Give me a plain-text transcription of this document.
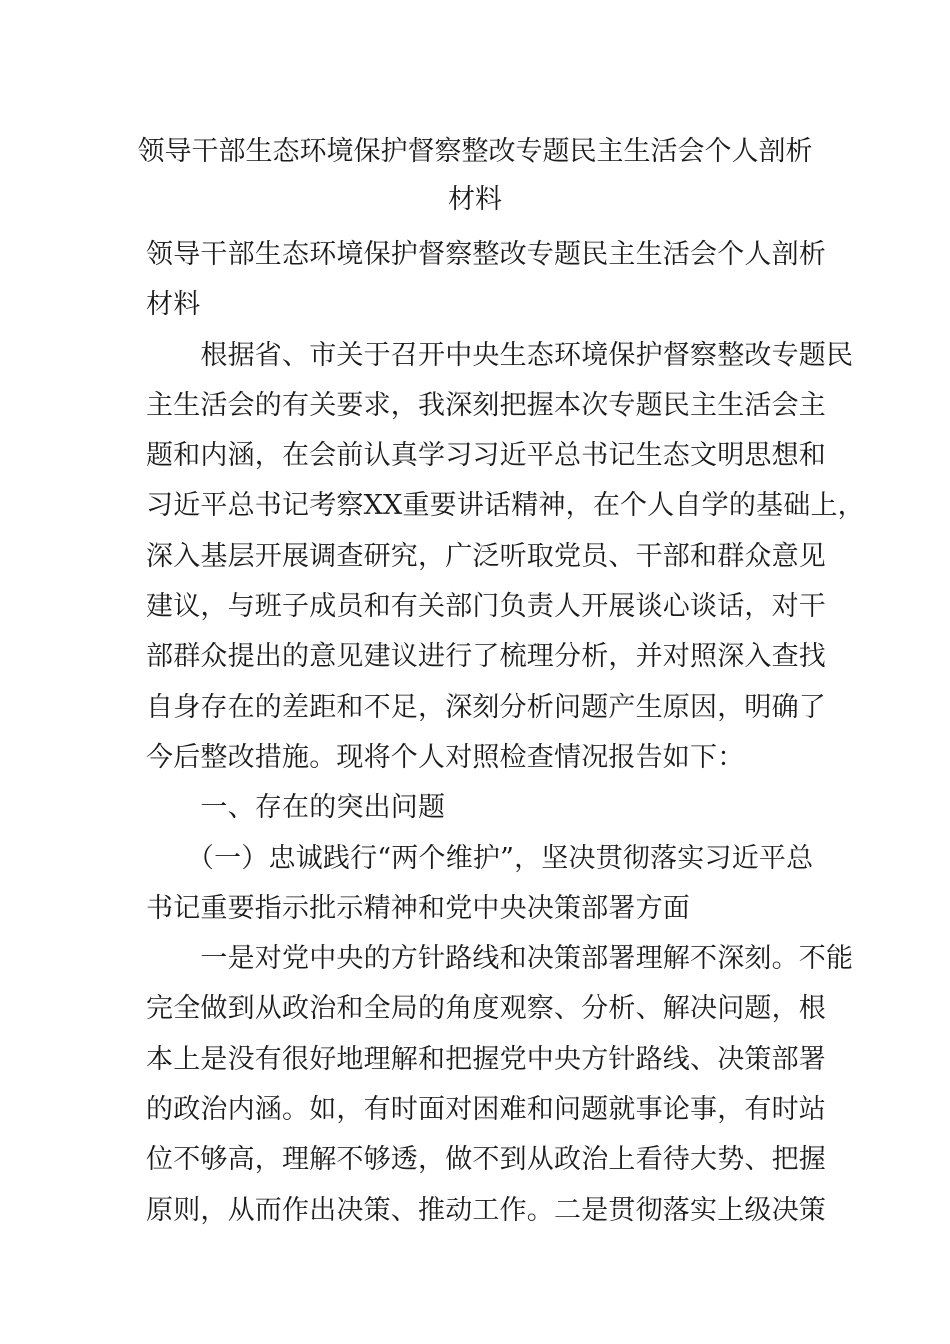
领导干部生态环境保护督察整改专题民主生活会个人剖析
材料
领导干部生态环境保护督察整改专题民主生活会个人剖析
材料
　　根据省、市关于召开中央生态环境保护督察整改专题民
主生活会的有关要求，我深刻把握本次专题民主生活会主
题和内涵，在会前认真学习习近平总书记生态文明思想和
习近平总书记考察XX重要讲话精神，在个人自学的基础上，
深入基层开展调查研究，广泛听取党员、干部和群众意见
建议，与班子成员和有关部门负责人开展谈心谈话，对干
部群众提出的意见建议进行了梳理分析，并对照深入查找
自身存在的差距和不足，深刻分析问题产生原因，明确了
今后整改措施。现将个人对照检查情况报告如下：
　　一、存在的突出问题
　　（一）忠诚践行“两个维护”，坚决贯彻落实习近平总
书记重要指示批示精神和党中央决策部署方面
　　一是对党中央的方针路线和决策部署理解不深刻。不能
完全做到从政治和全局的角度观察、分析、解决问题，根
本上是没有很好地理解和把握党中央方针路线、决策部署
的政治内涵。如，有时面对困难和问题就事论事，有时站
位不够高，理解不够透，做不到从政治上看待大势、把握
原则，从而作出决策、推动工作。二是贯彻落实上级决策
